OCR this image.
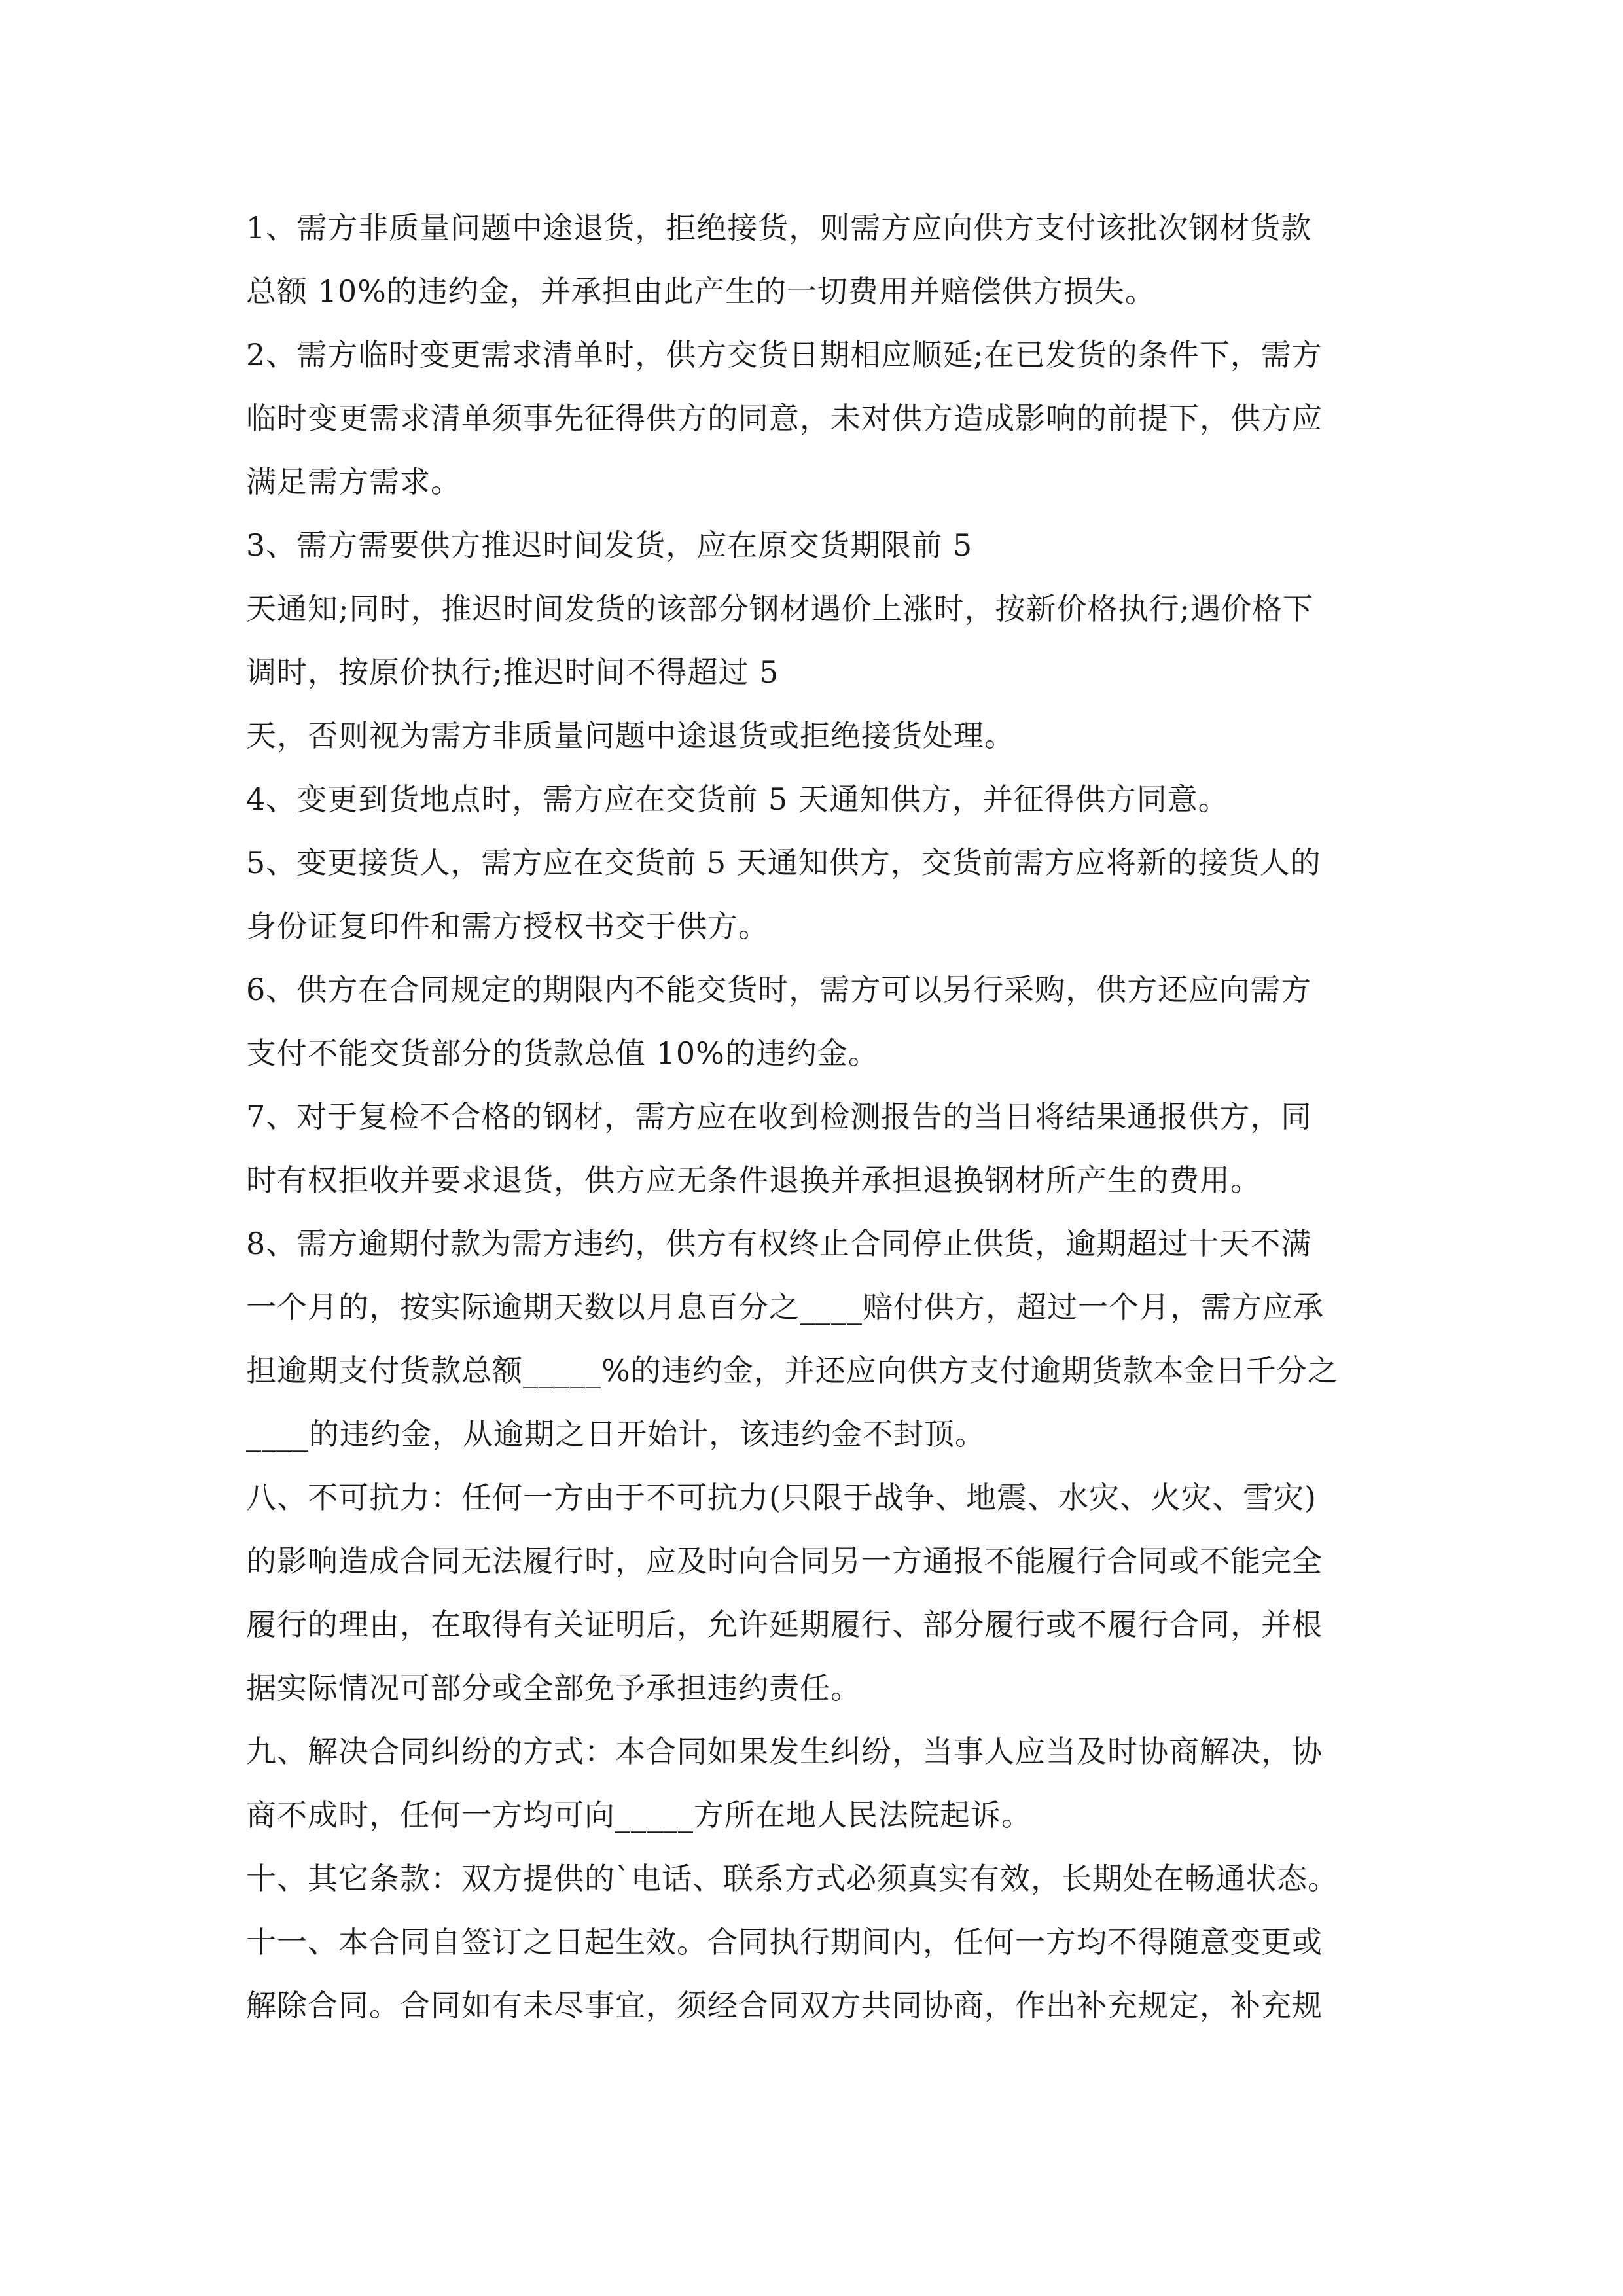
1、需方非质量问题中途退货，拒绝接货，则需方应向供方支付该批次钢材货款
总额 10%的违约金，并承担由此产生的一切费用并赔偿供方损失。
2、需方临时变更需求清单时，供方交货日期相应顺延;在已发货的条件下，需方
临时变更需求清单须事先征得供方的同意，未对供方造成影响的前提下，供方应
满足需方需求。
3、需方需要供方推迟时间发货，应在原交货期限前 5
天通知;同时，推迟时间发货的该部分钢材遇价上涨时，按新价格执行;遇价格下
调时，按原价执行;推迟时间不得超过 5
天，否则视为需方非质量问题中途退货或拒绝接货处理。
4、变更到货地点时，需方应在交货前 5 天通知供方，并征得供方同意。
5、变更接货人，需方应在交货前 5 天通知供方，交货前需方应将新的接货人的
身份证复印件和需方授权书交于供方。
6、供方在合同规定的期限内不能交货时，需方可以另行采购，供方还应向需方
支付不能交货部分的货款总值 10%的违约金。
7、对于复检不合格的钢材，需方应在收到检测报告的当日将结果通报供方，同
时有权拒收并要求退货，供方应无条件退换并承担退换钢材所产生的费用。
8、需方逾期付款为需方违约，供方有权终止合同停止供货，逾期超过十天不满
一个月的，按实际逾期天数以月息百分之____赔付供方，超过一个月，需方应承
担逾期支付货款总额_____%的违约金，并还应向供方支付逾期货款本金日千分之
____的违约金，从逾期之日开始计，该违约金不封顶。
八、不可抗力：任何一方由于不可抗力(只限于战争、地震、水灾、火灾、雪灾)
的影响造成合同无法履行时，应及时向合同另一方通报不能履行合同或不能完全
履行的理由，在取得有关证明后，允许延期履行、部分履行或不履行合同，并根
据实际情况可部分或全部免予承担违约责任。
九、解决合同纠纷的方式：本合同如果发生纠纷，当事人应当及时协商解决，协
商不成时，任何一方均可向_____方所在地人民法院起诉。
十、其它条款：双方提供的`电话、联系方式必须真实有效，长期处在畅通状态。
十一、本合同自签订之日起生效。合同执行期间内，任何一方均不得随意变更或
解除合同。合同如有未尽事宜，须经合同双方共同协商，作出补充规定，补充规
